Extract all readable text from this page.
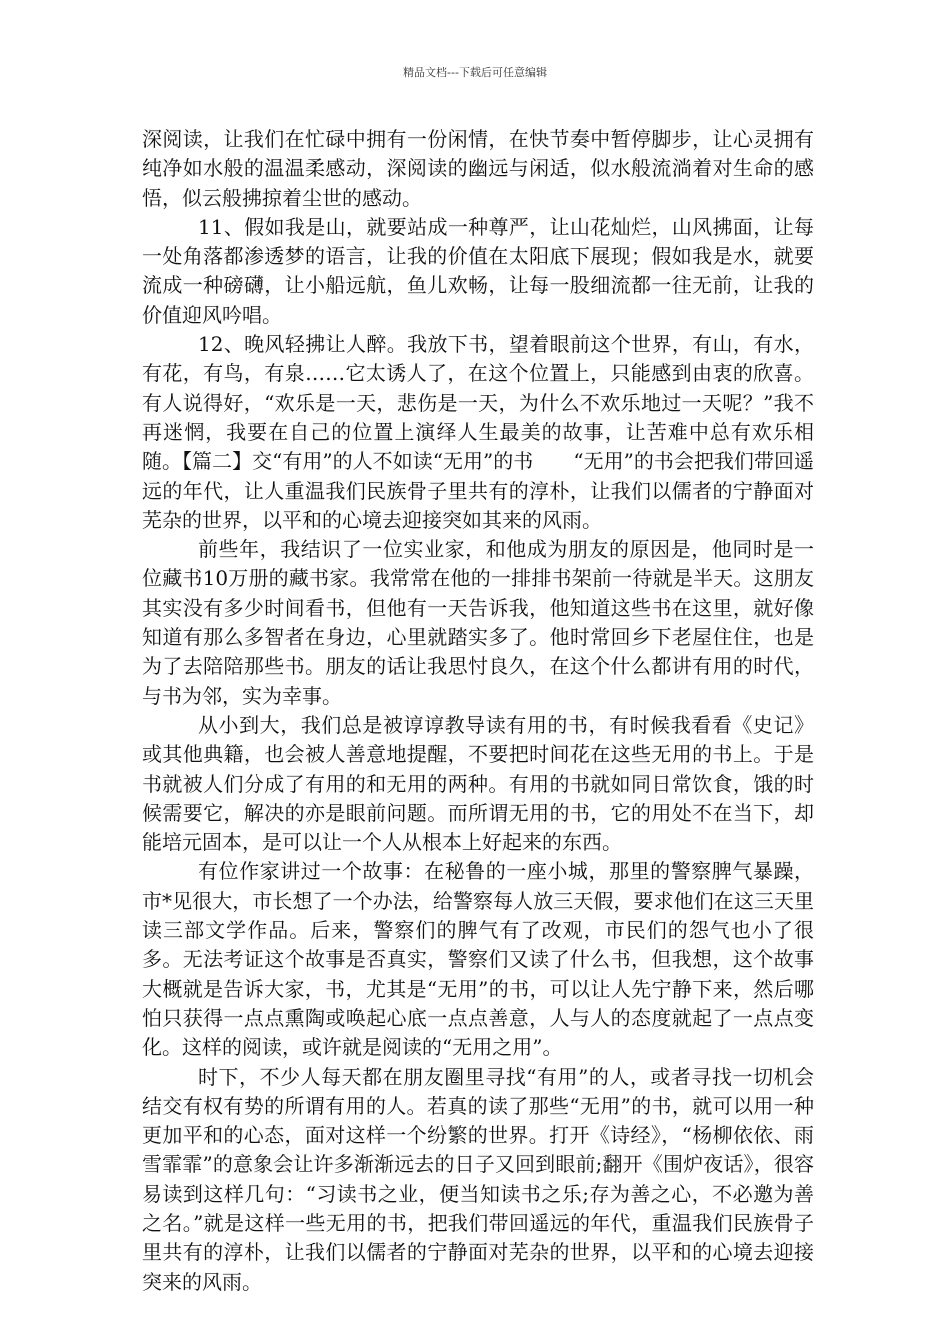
精品文档---下载后可任意编辑

深阅读，让我们在忙碌中拥有一份闲情，在快节奏中暂停脚步，让心灵拥有纯净如水般的温温柔感动，深阅读的幽远与闲适，似水般流淌着对生命的感悟，似云般拂掠着尘世的感动。

11、假如我是山，就要站成一种尊严，让山花灿烂，山风拂面，让每一处角落都渗透梦的语言，让我的价值在太阳底下展现；假如我是水，就要流成一种磅礴，让小船远航，鱼儿欢畅，让每一股细流都一往无前，让我的价值迎风吟唱。

12、晚风轻拂让人醉。我放下书，望着眼前这个世界，有山，有水，有花，有鸟，有泉……它太诱人了，在这个位置上，只能感到由衷的欣喜。有人说得好，“欢乐是一天，悲伤是一天，为什么不欢乐地过一天呢？”我不再迷惘，我要在自己的位置上演绎人生最美的故事，让苦难中总有欢乐相随。【篇二】交“有用”的人不如读“无用”的书　　“无用”的书会把我们带回遥远的年代，让人重温我们民族骨子里共有的淳朴，让我们以儒者的宁静面对芜杂的世界，以平和的心境去迎接突如其来的风雨。

前些年，我结识了一位实业家，和他成为朋友的原因是，他同时是一位藏书10万册的藏书家。我常常在他的一排排书架前一待就是半天。这朋友其实没有多少时间看书，但他有一天告诉我，他知道这些书在这里，就好像知道有那么多智者在身边，心里就踏实多了。他时常回乡下老屋住住，也是为了去陪陪那些书。朋友的话让我思忖良久，在这个什么都讲有用的时代，与书为邻，实为幸事。

从小到大，我们总是被谆谆教导读有用的书，有时候我看看《史记》或其他典籍，也会被人善意地提醒，不要把时间花在这些无用的书上。于是书就被人们分成了有用的和无用的两种。有用的书就如同日常饮食，饿的时候需要它，解决的亦是眼前问题。而所谓无用的书，它的用处不在当下，却能培元固本，是可以让一个人从根本上好起来的东西。

有位作家讲过一个故事：在秘鲁的一座小城，那里的警察脾气暴躁，市*见很大，市长想了一个办法，给警察每人放三天假，要求他们在这三天里读三部文学作品。后来，警察们的脾气有了改观，市民们的怨气也小了很多。无法考证这个故事是否真实，警察们又读了什么书，但我想，这个故事大概就是告诉大家，书，尤其是“无用”的书，可以让人先宁静下来，然后哪怕只获得一点点熏陶或唤起心底一点点善意，人与人的态度就起了一点点变化。这样的阅读，或许就是阅读的“无用之用”。

时下，不少人每天都在朋友圈里寻找“有用”的人，或者寻找一切机会结交有权有势的所谓有用的人。若真的读了那些“无用”的书，就可以用一种更加平和的心态，面对这样一个纷繁的世界。打开《诗经》，“杨柳依依、雨雪霏霏”的意象会让许多渐渐远去的日子又回到眼前;翻开《围炉夜话》，很容易读到这样几句：“习读书之业，便当知读书之乐;存为善之心，不必邀为善之名。”就是这样一些无用的书，把我们带回遥远的年代，重温我们民族骨子里共有的淳朴，让我们以儒者的宁静面对芜杂的世界，以平和的心境去迎接突来的风雨。
